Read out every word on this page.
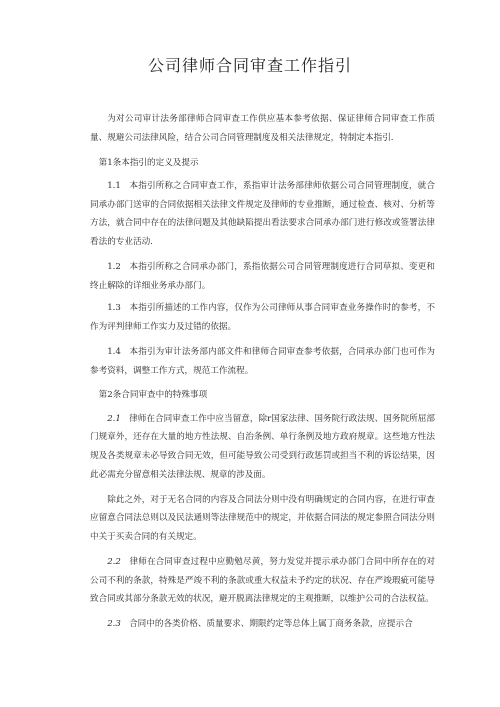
公司律师合同审查工作指引

为对公司审计法务部律师合同审查工作供应基本参考依据、保证律师合同审查工作质量、规避公司法律风险，结合公司合同管理制度及相关法律规定，特制定本指引.

第1条本指引的定义及提示

1.1 本指引所称之合同审查工作，系指审计法务部律师依据公司合同管理制度，就合同承办部门送审的合同依据相关法律文件规定及律师的专业推断，通过检查、核对、分析等方法，就合同中存在的法律问题及其他缺陷提出看法要求合同承办部门进行修改或签署法律看法的专业活动.

1.2 本指引所称之合同承办部门，系指依据公司合同管理制度进行合同草拟、变更和终止解除的详细业务承办部门。

1.3 本指引所描述的工作内容，仅作为公司律师从事合同审查业务操作时的参考，不作为评判律师工作实力及过错的依据。

1.4 本指引为审计法务部内部文件和律师合同审查参考依据，合同承办部门也可作为参考资料，调整工作方式，规范工作流程。

第2条合同审查中的特殊事项

2.1 律师在合同审查工作中应当留意，除r国家法律、国务院行政法规、国务院所屈部门规章外，还存在大量的地方性法规、自治条例、单行条例及地方政府规章。这些地方性法规及各类规章未必导致合同无效，但可能导致公司受到行政惩罚或担当不利的诉讼结果，因此必需充分留意相关法律法规、规章的涉及面。

除此之外，对于无名合同的内容及合同法分则中没有明确规定的合同内容，在进行审查应留意合同法总则以及民法通则等法律规范中的规定，并依据合同法的规定参照合同法分则中关于买卖合同的有关规定。

2.2 律师在合同审查过程中应勤勉尽黄，努力发觉并提示承办部门合同中所存在的对公司不利的条款，特殊是严竣不利的条款或重大权益未予约定的状况、存在严竣瑕疵可能导致合同或其部分条款无效的状况，避开脱离法律规定的主观推断，以维护公司的合法权益。

2.3 合同中的各类价格、质量要求、期限约定等总体上属丁商务条款，应提示合
